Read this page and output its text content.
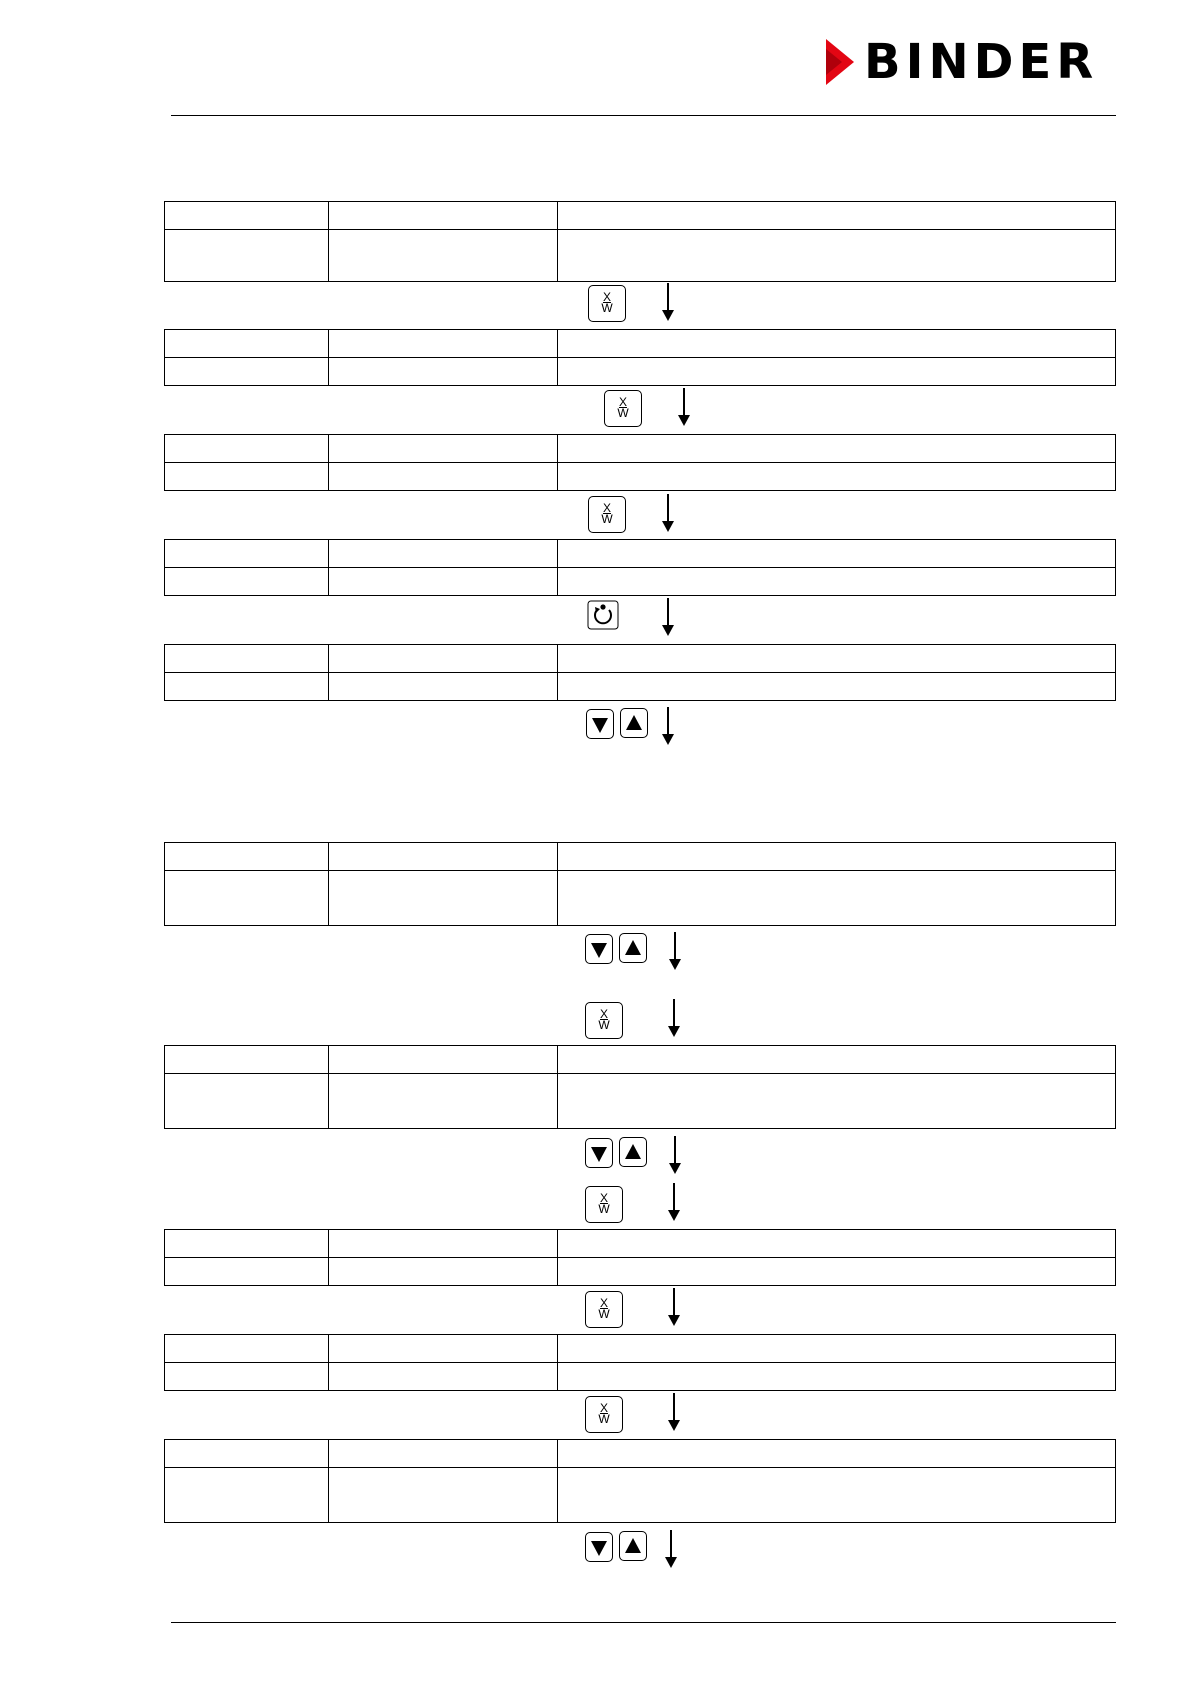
BINDER

X
W

X
W

X
W

X
W

X
W

X
W

X
W
